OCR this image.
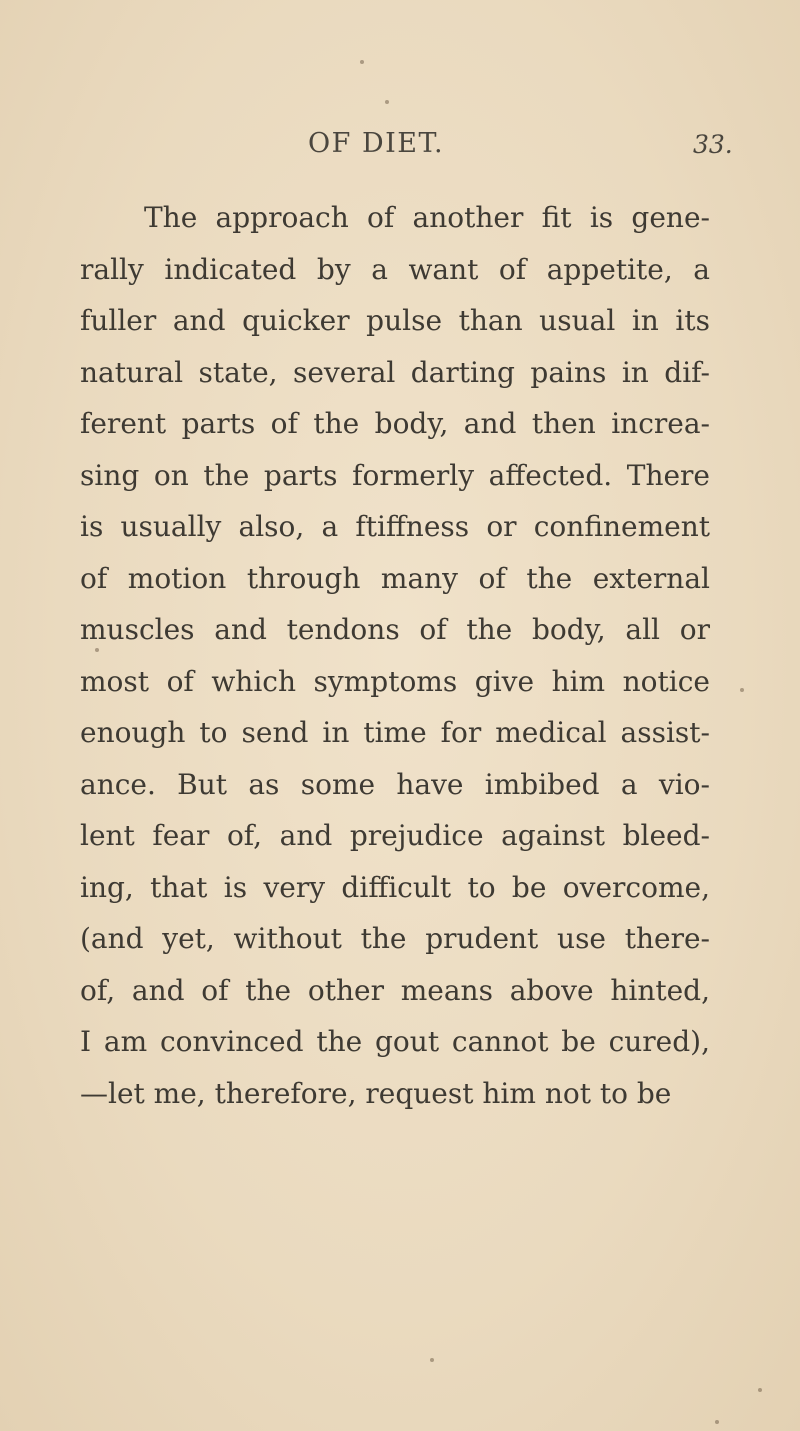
OF DIET.	33.
The approach of another fit is gene-
rally indicated by a want of appetite, a
fuller and quicker pulse than usual in its
natural state, several darting pains in dif-
ferent parts of the body, and then increa-
sing on the parts formerly affected. There
is usually also, a ftiffness or confinement
of motion through many of the external
muscles and tendons of the body, all or
most of which symptoms give him notice
enough to send in time for medical assist-
ance. But as some have imbibed a vio-
lent fear of, and prejudice against bleed-
ing, that is very difficult to be overcome,
(and yet, without the prudent use there-
of, and of the other means above hinted,
I am convinced the gout cannot be cured),
—let me, therefore, request him not to be
